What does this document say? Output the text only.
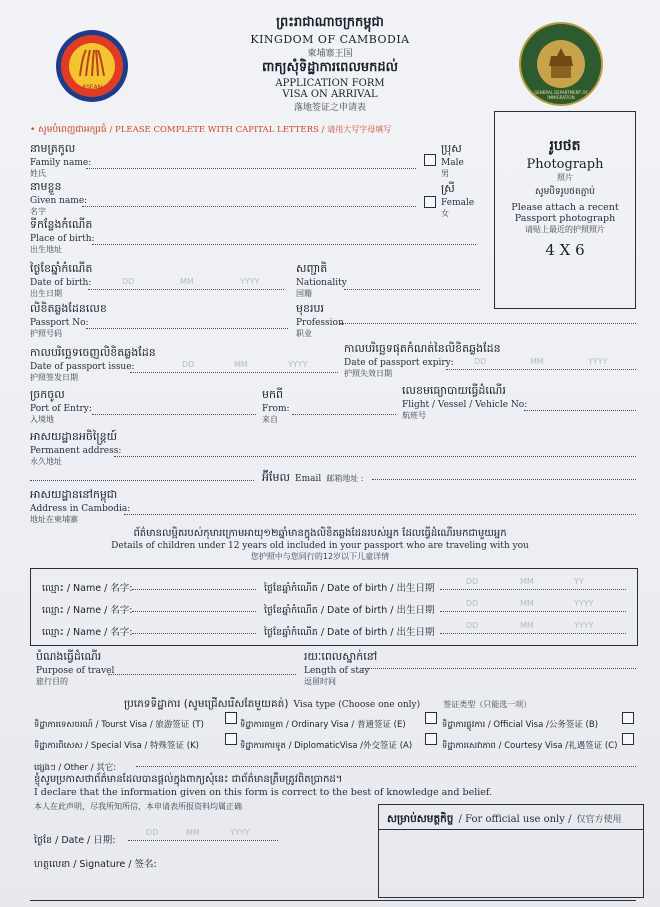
ASEAN
GENERAL DEPARTMENT OF IMMIGRATION
ព្រះរាជាណាចក្រកម្ពុជា
KINGDOM OF CAMBODIA
柬埔寨王国
ពាក្យសុំទិដ្ឋាការពេលមកដល់
APPLICATION FORM
VISA ON ARRIVAL
落地签证之申请表
• សូមបំពេញជាអក្សរធំ / PLEASE COMPLETE WITH CAPITAL LETTERS / 请用大写字母填写
រូបថត
Photograph
照片
សូមបិទរូបថតភ្ជាប់
Please attach a recent
Passport photograph
请贴上最近的护照照片
4 X 6
នាមត្រកូល
Family name:
姓氏
ប្រុស
Male
男
នាមខ្លួន
Given name:
名字
ស្រី
Female
女
ទីកន្លែងកំណើត
Place of birth:
出生地址
ថ្ងៃខែឆ្នាំកំណើត
Date of birth:
出生日期
DD	MM	YYYY
សញ្ជាតិ
Nationality
国籍
លិខិតឆ្លងដែនលេខ
Passport No:
护照号码
មុខរបរ
Profession
职业
កាលបរិច្ឆេទចេញលិខិតឆ្លងដែន
Date of passport issue:
护照签发日期
DD	MM	YYYY
កាលបរិច្ឆេទផុតកំណត់នៃលិខិតឆ្លងដែន
Date of passport expiry:
护照失效日期
DD	MM	YYYY
ច្រកចូល
Port of Entry:
入境地
មកពី
From:
来自
លេខមធ្យោបាយធ្វើដំណើរ
Flight / Vessel / Vehicle No:
航班号
អាសយដ្ឋានអចិន្ត្រៃយ៍
Permanent address:
永久地址
អ៊ីមែល Email 邮箱地址 :
អាសយដ្ឋាននៅកម្ពុជា
Address in Cambodia:
地址在柬埔寨
ព័ត៌មានលម្អិតរបស់កុមារក្រោមអាយុ១២ឆ្នាំមានក្នុងលិខិតឆ្លងដែនរបស់អ្នក ដែលធ្វើដំណើរមកជាមួយអ្នក
Details of children under 12 years old included in your passport who are traveling with you
您护照中与您同行的12岁以下儿童详情
ឈ្មោះ / Name / 名字:	ថ្ងៃខែឆ្នាំកំណើត / Date of birth / 出生日期
DD	MM	YY
ឈ្មោះ / Name / 名字:	ថ្ងៃខែឆ្នាំកំណើត / Date of birth / 出生日期
DD	MM	YYYY
ឈ្មោះ / Name / 名字:	ថ្ងៃខែឆ្នាំកំណើត / Date of birth / 出生日期
DD	MM	YYYY
បំណងធ្វើដំណើរ
Purpose of travel
旅行目的
រយៈពេលស្នាក់នៅ
Length of stay
逗留时间
ប្រភេទទិដ្ឋាការ (សូមជ្រើសរើសតែមួយគត់) Visa type (Choose one only)	签证类型（只能选一项）
ទិដ្ឋាការទេសចរណ៍ / Tourst Visa / 旅游签证 (T)	ទិដ្ឋាការធម្មតា / Ordinary Visa / 普通签证 (E)	ទិដ្ឋាការផ្លូវការ / Official Visa /公务签证 (B)
ទិដ្ឋាការពិសេស / Special Visa / 特殊签证 (K)	ទិដ្ឋាការការទូត / DiplomaticVisa /外交签证 (A)	ទិដ្ឋាការសេវាភាព / Courtesy Visa /礼遇签证 (C)
ផ្សេងៗ / Other / 其它:
ខ្ញុំសូមប្រកាសថាព័ត៌មានដែលបានផ្តល់ក្នុងពាក្យសុំនេះ ជាព័ត៌មានត្រឹមត្រូវពិតប្រាកដ។
I declare that the information given on this form is correct to the best of knowledge and belief.
本人在此声明，尽我所知所信，本申请表所报资料均属正确
ថ្ងៃខែ / Date / 日期:
DD	MM	YYYY
ហត្ថលេខា / Signature / 签名:
សម្រាប់សមត្ថកិច្ច / For official use only / 仅官方使用
